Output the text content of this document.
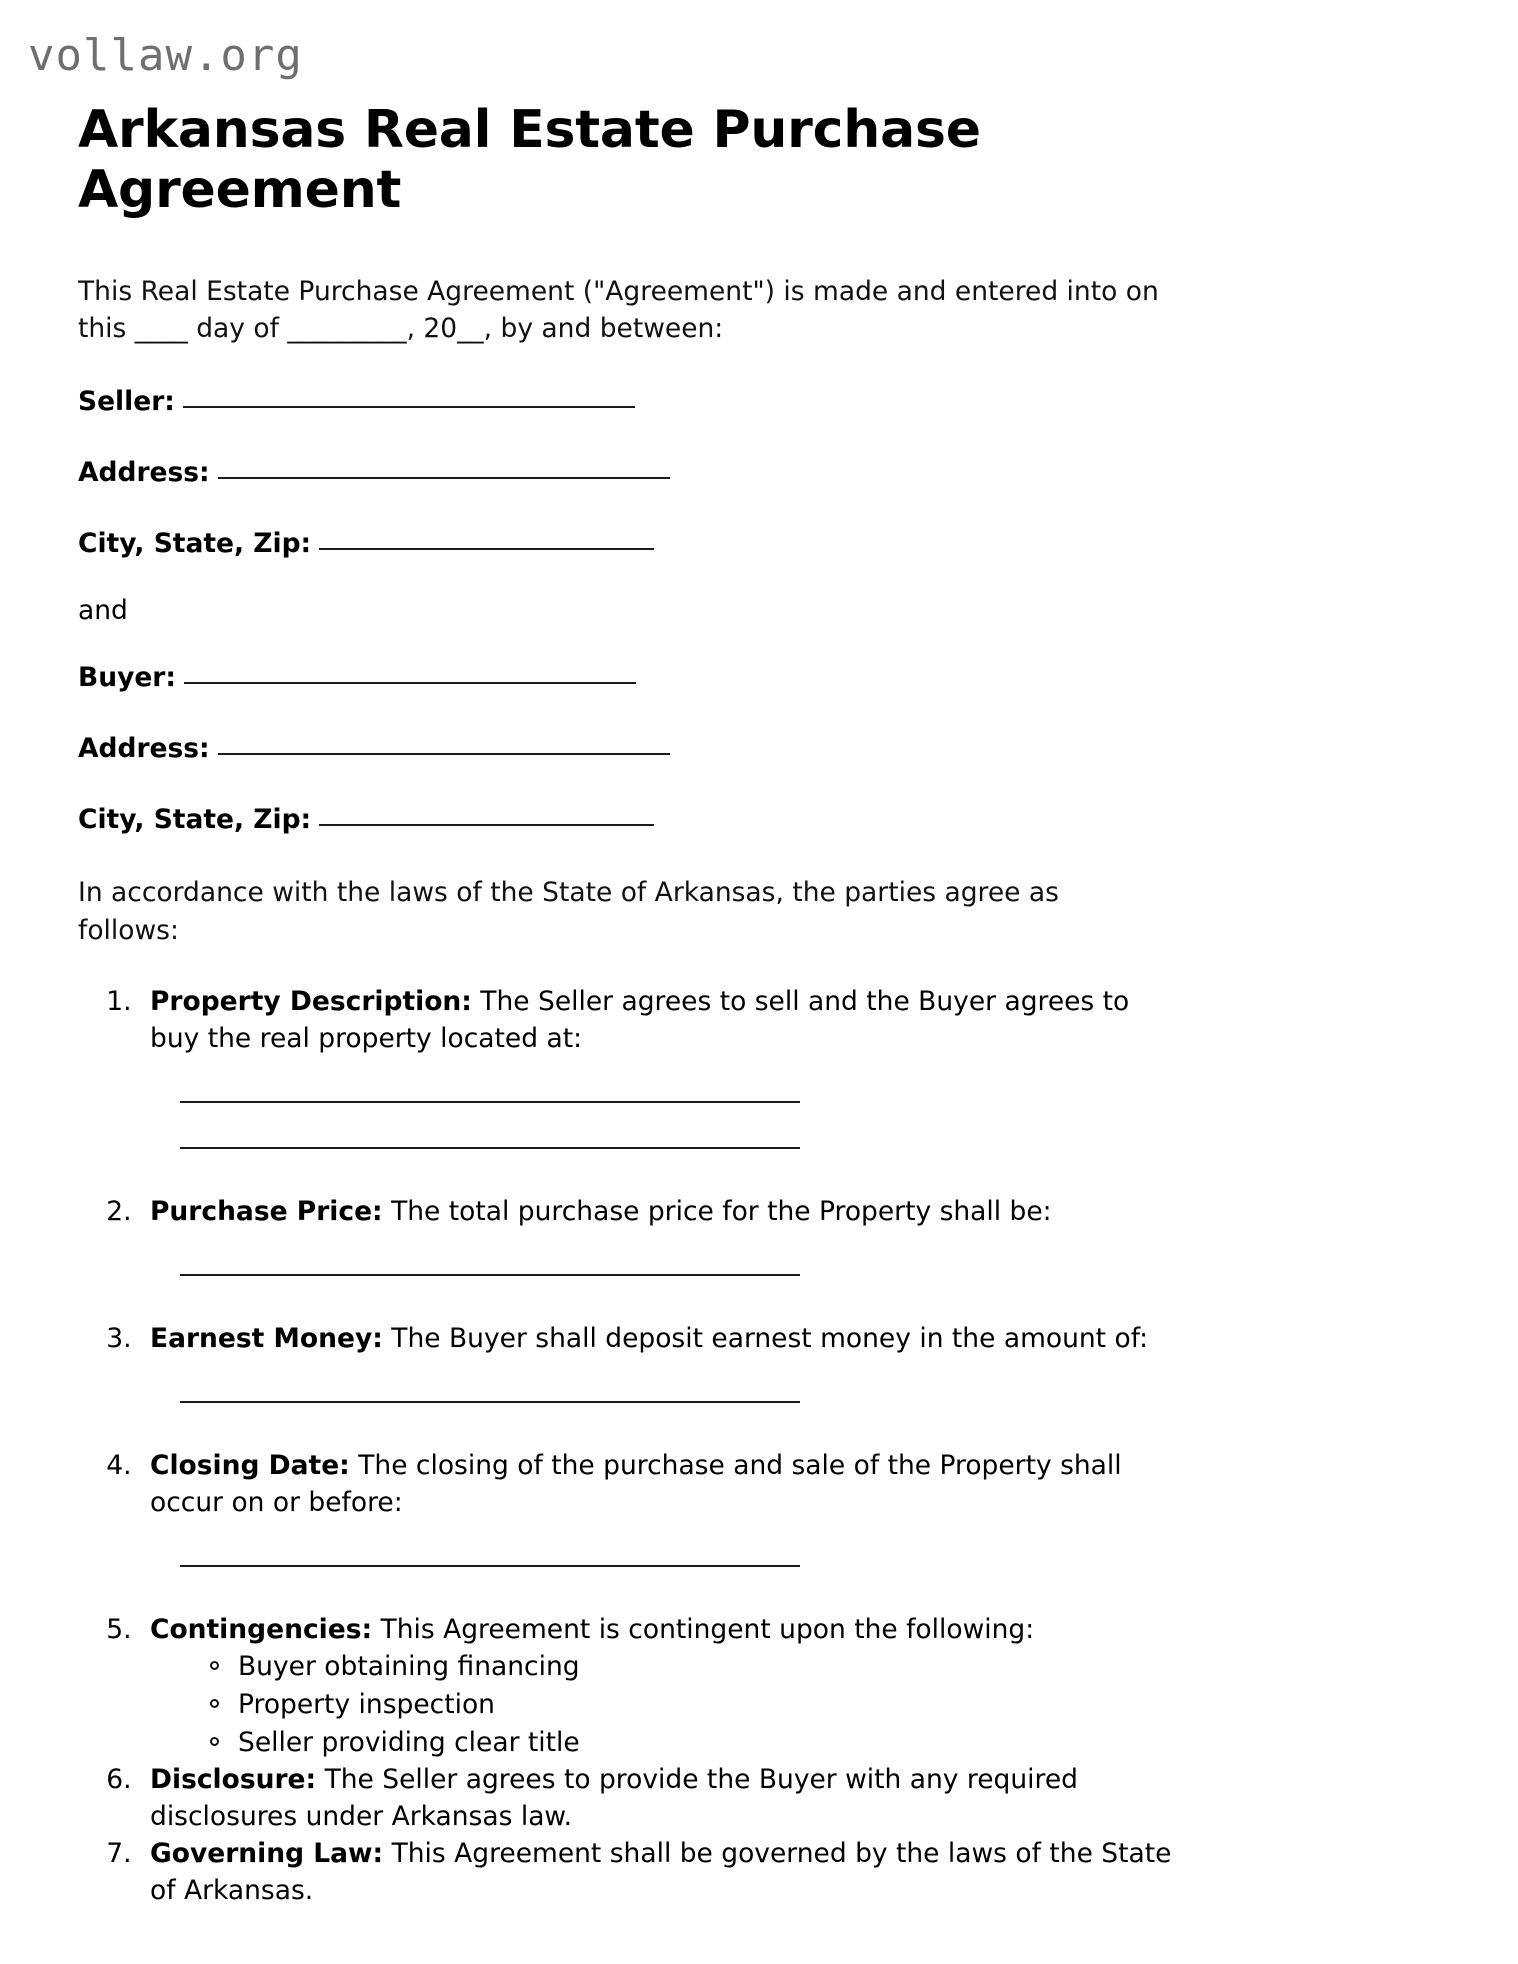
vollaw.org
Arkansas Real Estate Purchase Agreement

This Real Estate Purchase Agreement ("Agreement") is made and entered into on this ____ day of _________, 20__, by and between:

Seller:
Address:
City, State, Zip:
and
Buyer:
Address:
City, State, Zip:

In accordance with the laws of the State of Arkansas, the parties agree as follows:

1. Property Description: The Seller agrees to sell and the Buyer agrees to buy the real property located at:
2. Purchase Price: The total purchase price for the Property shall be:
3. Earnest Money: The Buyer shall deposit earnest money in the amount of:
4. Closing Date: The closing of the purchase and sale of the Property shall occur on or before:
5. Contingencies: This Agreement is contingent upon the following:
Buyer obtaining financing
Property inspection
Seller providing clear title
6. Disclosure: The Seller agrees to provide the Buyer with any required disclosures under Arkansas law.
7. Governing Law: This Agreement shall be governed by the laws of the State of Arkansas.
